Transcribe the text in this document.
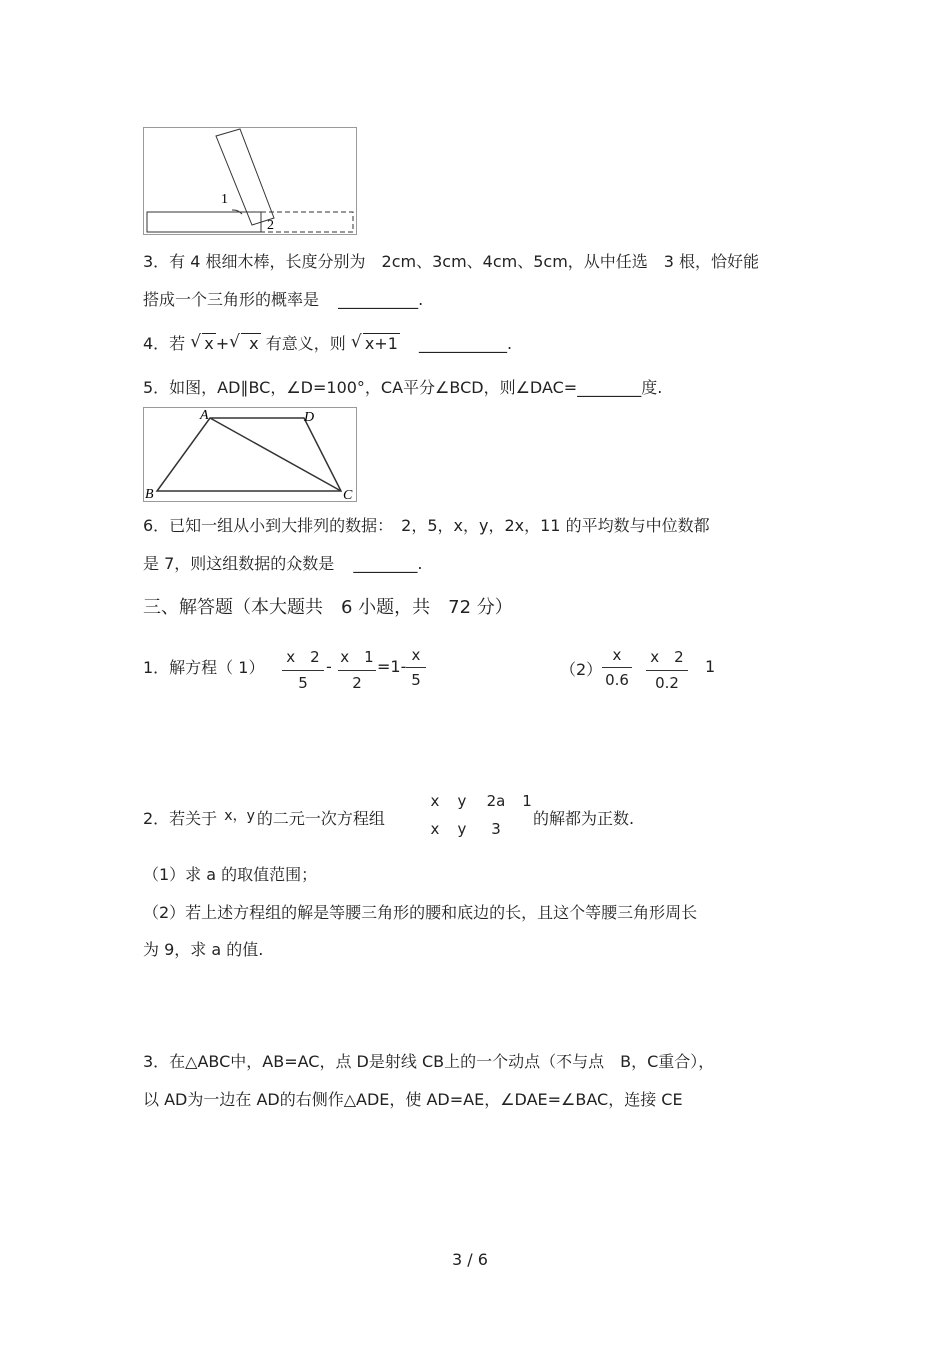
1
2
3．有 4 根细木棒，长度分别为　2cm、3cm、4cm、5cm，从中任选　3 根，恰好能
搭成一个三角形的概率是 __________.
4．若 √ x + √ x 有意义，则 √ x+1 ___________.
5．如图，AD∥BC，∠D=100°，CA平分∠BCD，则∠DAC=________度.
A	D
B	C
6．已知一组从小到大排列的数据：　2，5，x，y，2x，11 的平均数与中位数都
是 7，则这组数据的众数是 ________.
三、解答题（本大题共　6 小题，共　72 分）
1．解方程（ 1）
x　2
5
- x　1
2
=1-
x
5
（2）
x
0.6
x　2
0.2
1
2．若关于 x，y 的二元一次方程组
x y 2a 1
x y 3
的解都为正数.
（1）求 a 的取值范围；
（2）若上述方程组的解是等腰三角形的腰和底边的长，且这个等腰三角形周长
为 9，求 a 的值.
3．在△ABC中，AB=AC，点 D是射线 CB上的一个动点（不与点　B，C重合），
以 AD为一边在 AD的右侧作△ADE，使 AD=AE，∠DAE=∠BAC，连接 CE
3 / 6
